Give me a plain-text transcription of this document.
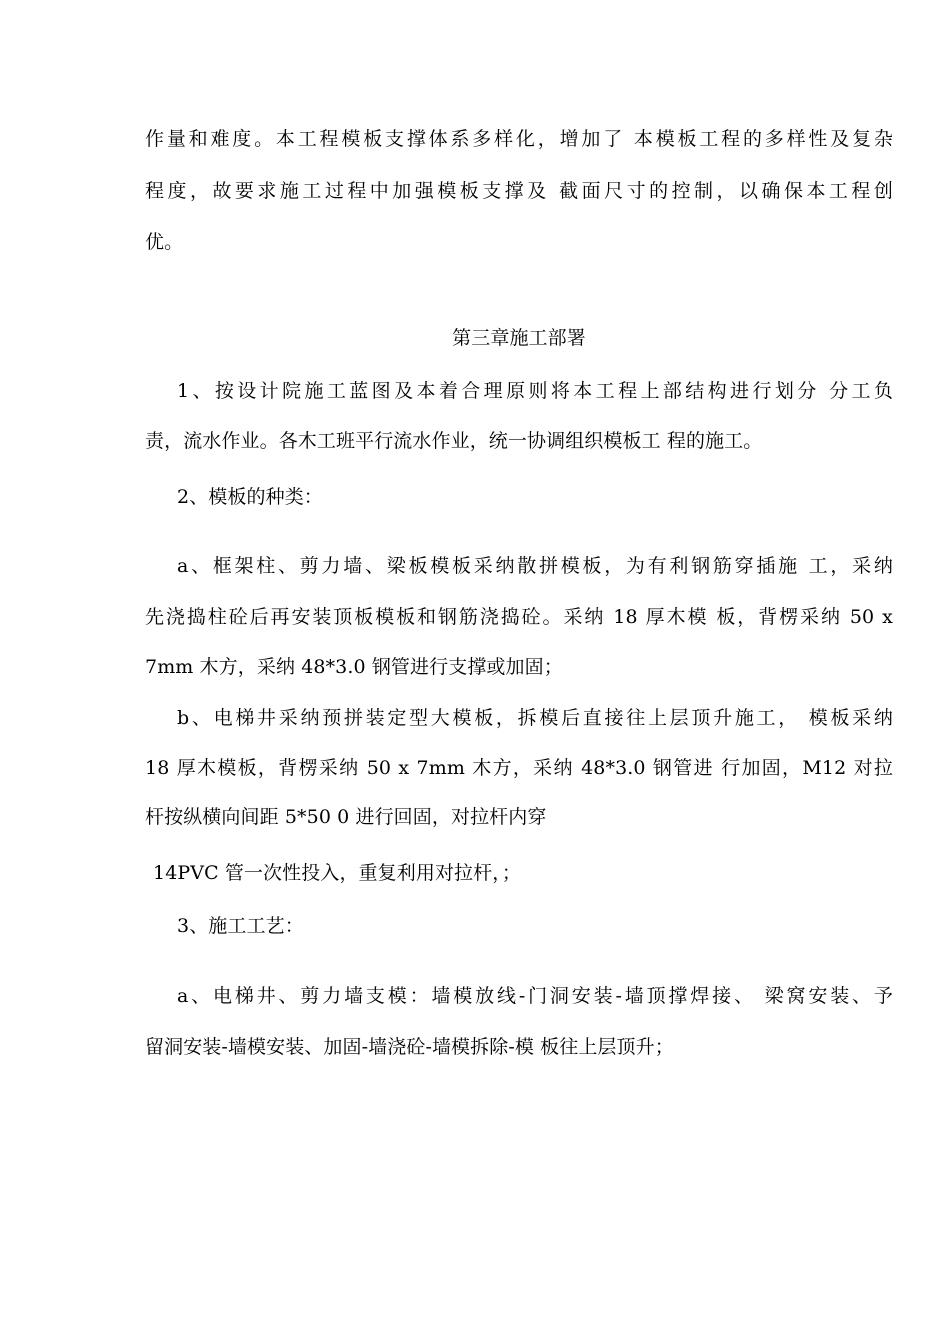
作量和难度。本工程模板支撑体系多样化，增加了 本模板工程的多样性及复杂
程度，故要求施工过程中加强模板支撑及 截面尺寸的控制，以确保本工程创
优。
第三章施工部署
1、按设计院施工蓝图及本着合理原则将本工程上部结构进行划分 分工负
责，流水作业。各木工班平行流水作业，统一协调组织模板工 程的施工。
2、模板的种类：
a、框架柱、剪力墙、梁板模板采纳散拼模板，为有利钢筋穿插施 工，采纳
先浇捣柱砼后再安装顶板模板和钢筋浇捣砼。采纳 18 厚木模 板，背楞采纳 50 x
7mm 木方，采纳 48*3.0 钢管进行支撑或加固；
b、电梯井采纳预拼装定型大模板，拆模后直接往上层顶升施工， 模板采纳
18 厚木模板，背楞采纳 50 x 7mm 木方，采纳 48*3.0 钢管进 行加固，M12 对拉
杆按纵横向间距 5*50 0 进行回固，对拉杆内穿
14PVC 管一次性投入，重复利用对拉杆，；
3、施工工艺：
a、电梯井、剪力墙支模：墙模放线-门洞安装-墙顶撑焊接、 梁窝安装、予
留洞安装-墙模安装、加固-墙浇砼-墙模拆除-模 板往上层顶升；
